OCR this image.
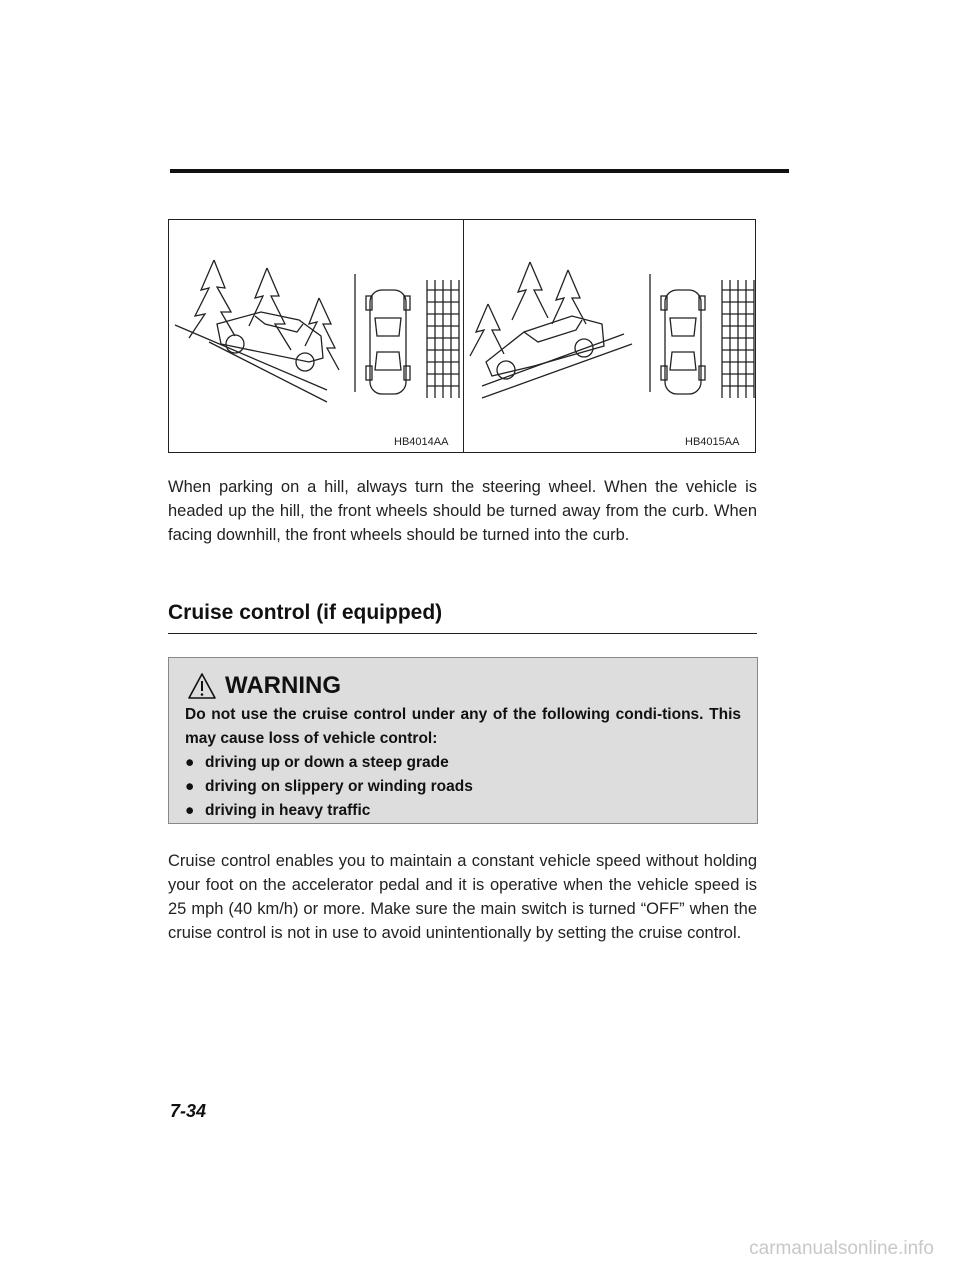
HB4014AA	HB4015AA

When parking on a hill, always turn the steering wheel. When the vehicle is headed up the hill, the front wheels should be turned away from the curb. When facing downhill, the front wheels should be turned into the curb.

Cruise control (if equipped)
WARNING

Do not use the cruise control under any of the following condi-tions. This may cause loss of vehicle control:

● driving up or down a steep grade
● driving on slippery or winding roads
● driving in heavy traffic

Cruise control enables you to maintain a constant vehicle speed without holding your foot on the accelerator pedal and it is operative when the vehicle speed is 25 mph (40 km/h) or more. Make sure the main switch is turned “OFF” when the cruise control is not in use to avoid unintentionally by setting the cruise control.

7-34
carmanualsonline.info
